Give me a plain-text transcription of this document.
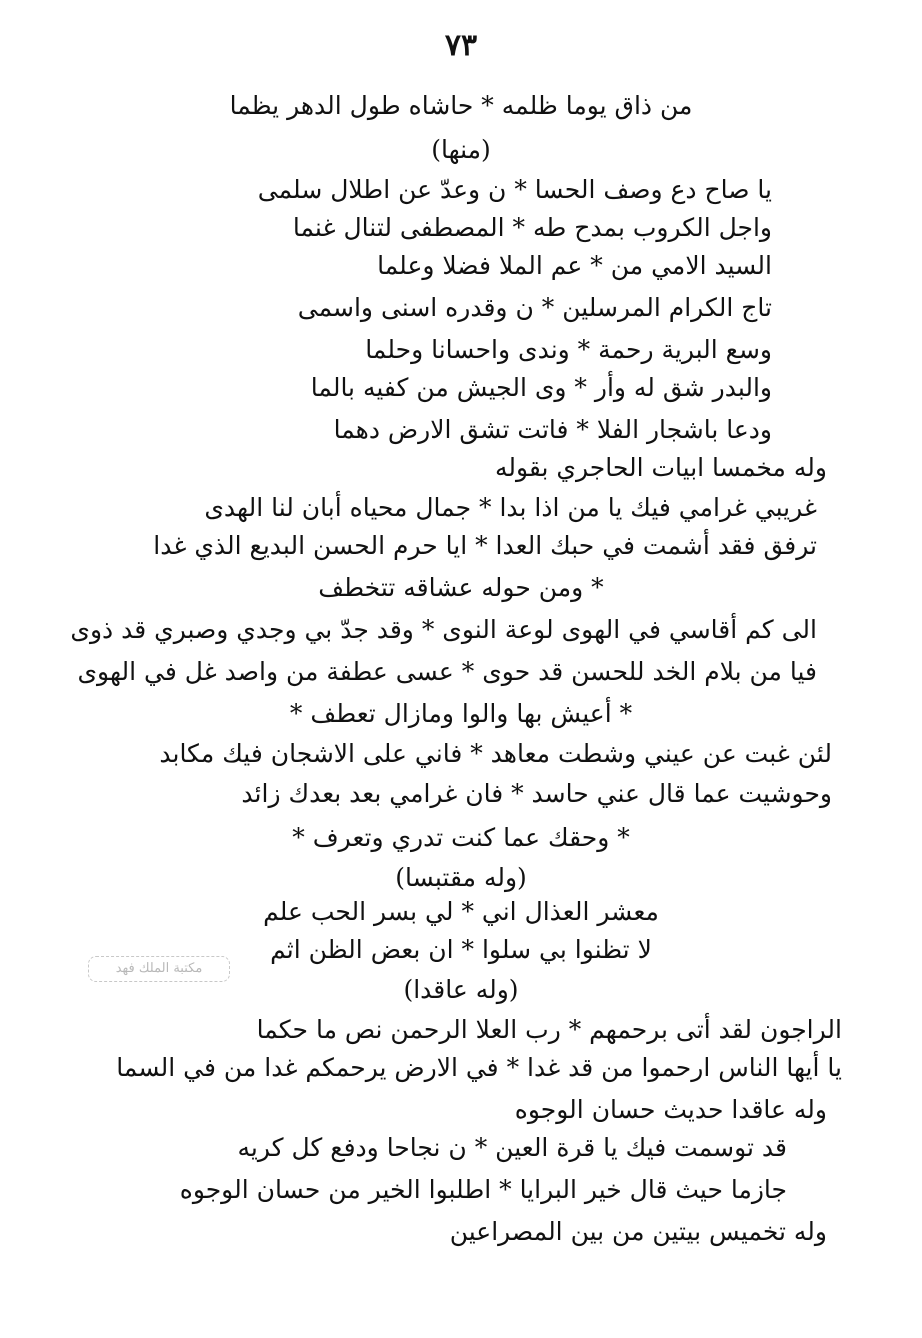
٧٣
من ذاق يوما ظلمه * حاشاه طول الدهر يظما
(منها)
يا صاح دع وصف الحسا * ن وعدّ عن اطلال سلمى
واجل الكروب بمدح طه * المصطفى لتنال غنما
السيد الامي من * عم الملا فضلا وعلما
تاج الكرام المرسلين * ن وقدره اسنى واسمى
وسع البرية رحمة * وندى واحسانا وحلما
والبدر شق له وأر * وى الجيش من كفيه بالما
ودعا باشجار الفلا * فاتت تشق الارض دهما
وله مخمسا ابيات الحاجري بقوله
غريبي غرامي فيك يا من اذا بدا * جمال محياه أبان لنا الهدى
ترفق فقد أشمت في حبك العدا * ايا حرم الحسن البديع الذي غدا
* ومن حوله عشاقه تتخطف
الى كم أقاسي في الهوى لوعة النوى * وقد جدّ بي وجدي وصبري قد ذوى
فيا من بلام الخد للحسن قد حوى * عسى عطفة من واصد غل في الهوى
* أعيش بها والوا ومازال تعطف *
لئن غبت عن عيني وشطت معاهد * فاني على الاشجان فيك مكابد
وحوشيت عما قال عني حاسد * فان غرامي بعد بعدك زائد
* وحقك عما كنت تدري وتعرف *
(وله مقتبسا)
معشر العذال اني * لي بسر الحب علم
لا تظنوا بي سلوا * ان بعض الظن اثم
(وله عاقدا)
الراجون لقد أتى برحمهم * رب العلا الرحمن نص ما حكما
يا أيها الناس ارحموا من قد غدا * في الارض يرحمكم غدا من في السما
وله عاقدا حديث حسان الوجوه
قد توسمت فيك يا قرة العين * ن نجاحا ودفع كل كريه
جازما حيث قال خير البرايا * اطلبوا الخير من حسان الوجوه
وله تخميس بيتين من بين المصراعين
مكتبة الملك فهد
